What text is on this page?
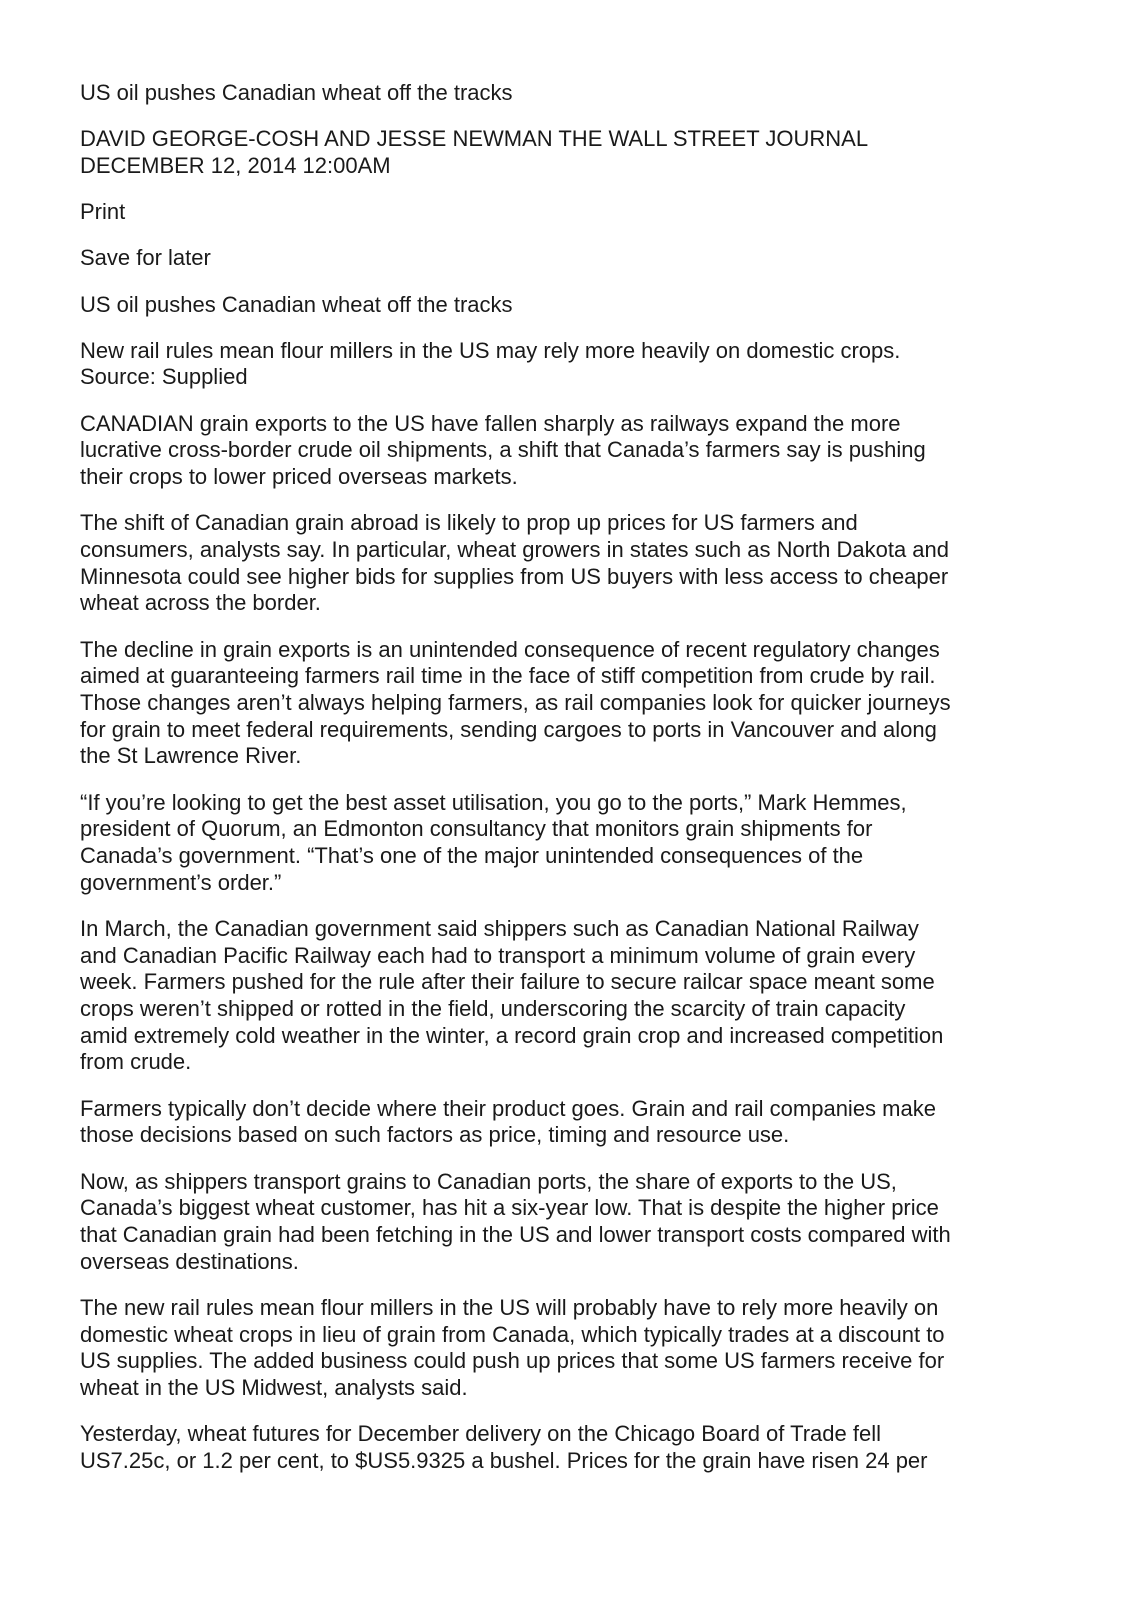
US oil pushes Canadian wheat off the tracks

DAVID GEORGE-COSH AND JESSE NEWMAN THE WALL STREET JOURNAL
DECEMBER 12, 2014 12:00AM

Print

Save for later

US oil pushes Canadian wheat off the tracks

New rail rules mean flour millers in the US may rely more heavily on domestic crops.
Source: Supplied

CANADIAN grain exports to the US have fallen sharply as railways expand the more
lucrative cross-border crude oil shipments, a shift that Canada’s farmers say is pushing
their crops to lower priced overseas markets.

The shift of Canadian grain abroad is likely to prop up prices for US farmers and
consumers, analysts say. In particular, wheat growers in states such as North Dakota and
Minnesota could see higher bids for supplies from US buyers with less access to cheaper
wheat across the border.

The decline in grain exports is an unintended consequence of recent regulatory changes
aimed at guaranteeing farmers rail time in the face of stiff competition from crude by rail.
Those changes aren’t always helping farmers, as rail companies look for quicker journeys
for grain to meet federal requirements, sending cargoes to ports in Vancouver and along
the St Lawrence River.

“If you’re looking to get the best asset utilisation, you go to the ports,” Mark Hemmes,
president of Quorum, an Edmonton consultancy that monitors grain shipments for
Canada’s government. “That’s one of the major unintended consequences of the
government’s order.”

In March, the Canadian government said shippers such as Canadian National Railway
and Canadian Pacific Railway each had to transport a minimum volume of grain every
week. Farmers pushed for the rule after their failure to secure railcar space meant some
crops weren’t shipped or rotted in the field, underscoring the scarcity of train capacity
amid extremely cold weather in the winter, a record grain crop and increased competition
from crude.

Farmers typically don’t decide where their product goes. Grain and rail companies make
those decisions based on such factors as price, timing and resource use.

Now, as shippers transport grains to Canadian ports, the share of exports to the US,
Canada’s biggest wheat customer, has hit a six-year low. That is despite the higher price
that Canadian grain had been fetching in the US and lower transport costs compared with
overseas destinations.

The new rail rules mean flour millers in the US will probably have to rely more heavily on
domestic wheat crops in lieu of grain from Canada, which typically trades at a discount to
US supplies. The added business could push up prices that some US farmers receive for
wheat in the US Midwest, analysts said.

Yesterday, wheat futures for December delivery on the Chicago Board of Trade fell
US7.25c, or 1.2 per cent, to $US5.9325 a bushel. Prices for the grain have risen 24 per
